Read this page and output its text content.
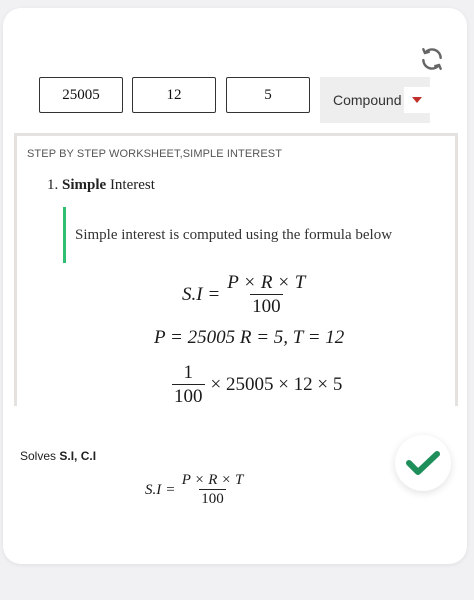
25005	12	5	Compound
STEP BY STEP WORKSHEET,SIMPLE INTEREST
1. Simple Interest
Simple interest is computed using the formula below
$S.I = \frac{P \times R \times T}{100}$
P = 25005 R = 5, T = 12
$\frac{1}{100} \times 25005 \times 12 \times 5$
Solves S.I, C.I
$S.I = \frac{P \times R \times T}{100}$
